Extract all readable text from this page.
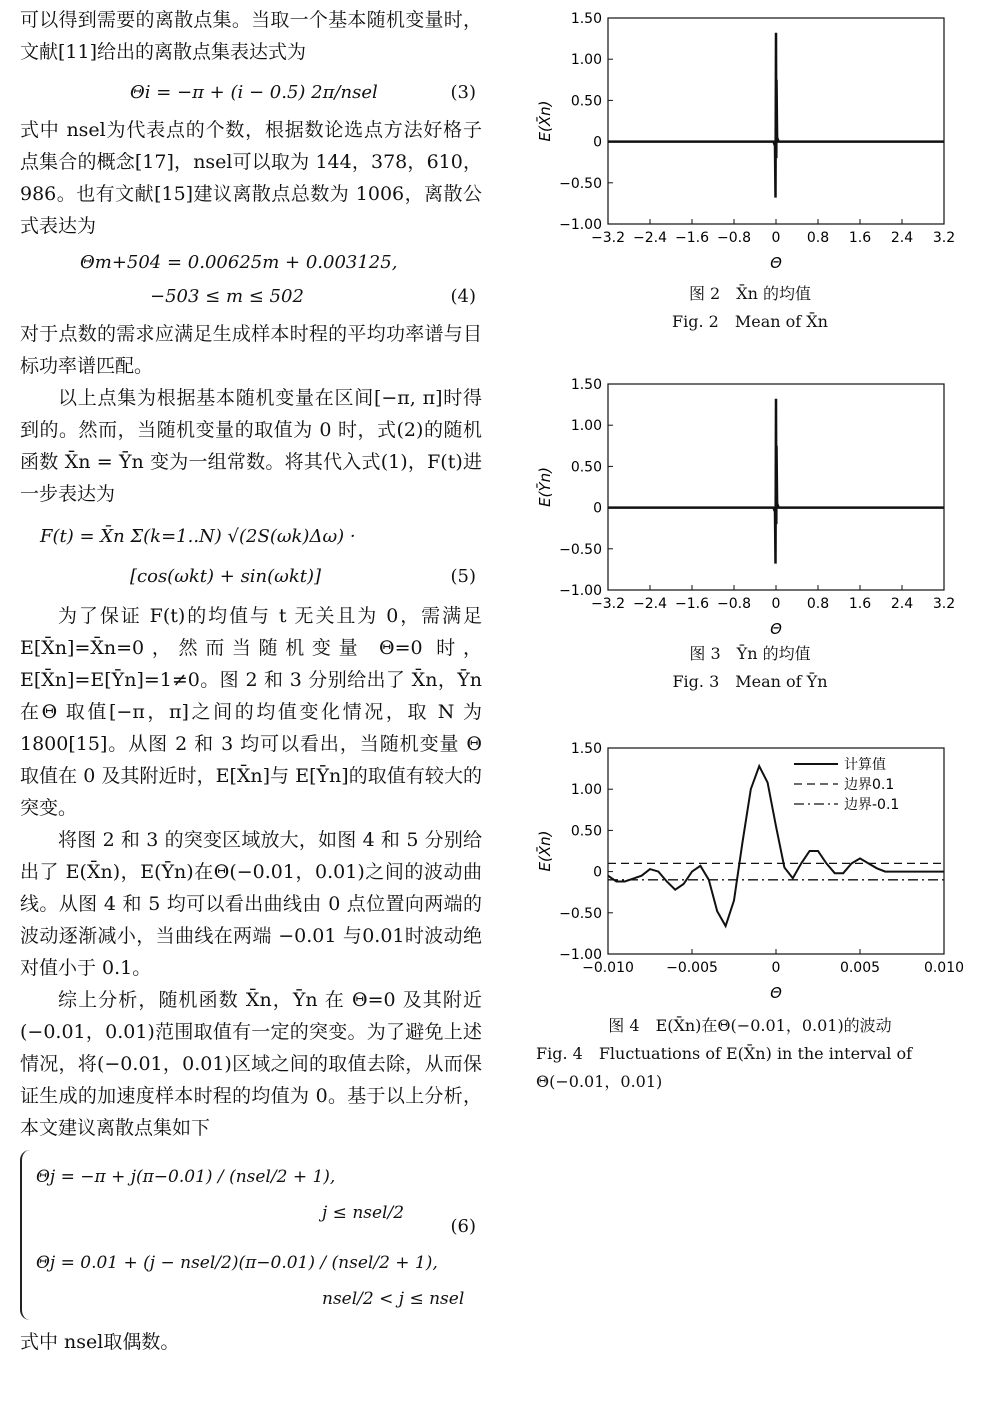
可以得到需要的离散点集。当取一个基本随机变量时，文献[11]给出的离散点集表达式为

Θi = −π + (i − 0.5) 2π/nsel	(3)

式中 nsel为代表点的个数，根据数论选点方法好格子点集合的概念[17]，nsel可以取为 144，378，610，986。也有文献[15]建议离散点总数为 1006，离散公式表达为

Θm+504 = 0.00625m + 0.003125,
−503 ≤ m ≤ 502	(4)

对于点数的需求应满足生成样本时程的平均功率谱与目标功率谱匹配。

以上点集为根据基本随机变量在区间[−π, π]时得到的。然而，当随机变量的取值为 0 时，式(2)的随机函数 X̄n = Ȳn 变为一组常数。将其代入式(1)，F(t)进一步表达为

F(t) = X̄n Σ(k=1..N) √(2S(ωk)Δω) ·
[cos(ωkt) + sin(ωkt)]	(5)

为了保证 F(t)的均值与 t 无关且为 0，需满足E[X̄n]=X̄n=0，然而当随机变量 Θ=0 时，E[X̄n]=E[Ȳn]=1≠0。图 2 和 3 分别给出了 X̄n，Ȳn 在Θ 取值[−π，π]之间的均值变化情况，取 N 为 1800[15]。从图 2 和 3 均可以看出，当随机变量 Θ 取值在 0 及其附近时，E[X̄n]与 E[Ȳn]的取值有较大的突变。

将图 2 和 3 的突变区域放大，如图 4 和 5 分别给出了 E(X̄n)，E(Ȳn)在Θ(−0.01，0.01)之间的波动曲线。从图 4 和 5 均可以看出曲线由 0 点位置向两端的波动逐渐减小，当曲线在两端 −0.01 与0.01时波动绝对值小于 0.1。

综上分析，随机函数 X̄n，Ȳn 在 Θ=0 及其附近(−0.01，0.01)范围取值有一定的突变。为了避免上述情况，将(−0.01，0.01)区域之间的取值去除，从而保证生成的加速度样本时程的均值为 0。基于以上分析，本文建议离散点集如下

Θj = −π + j(π−0.01) / (nsel/2 + 1),
j ≤ nsel/2
(6)
Θj = 0.01 + (j − nsel/2)(π−0.01) / (nsel/2 + 1),
nsel/2 < j ≤ nsel

式中 nsel取偶数。

1.50
1.00
0.50
0
−0.50
−1.00
−3.2 −2.4 −1.6 −0.8 0 0.8 1.6 2.4 3.2
Θ
E(X̄n)
图 2　X̄n 的均值
Fig. 2　Mean of X̄n
1.50
1.00
0.50
0
−0.50
−1.00
−3.2 −2.4 −1.6 −0.8 0 0.8 1.6 2.4 3.2
Θ
E(Ȳn)
图 3　Ȳn 的均值
Fig. 3　Mean of Ȳn
1.50
1.00
0.50
0
−0.50
−1.00
−0.010 −0.005	0	0.005	0.010
Θ
E(X̄n)
计算值
边界0.1
边界-0.1
图 4　E(X̄n)在Θ(−0.01，0.01)的波动
Fig. 4　Fluctuations of E(X̄n) in the interval of Θ(−0.01，0.01)
